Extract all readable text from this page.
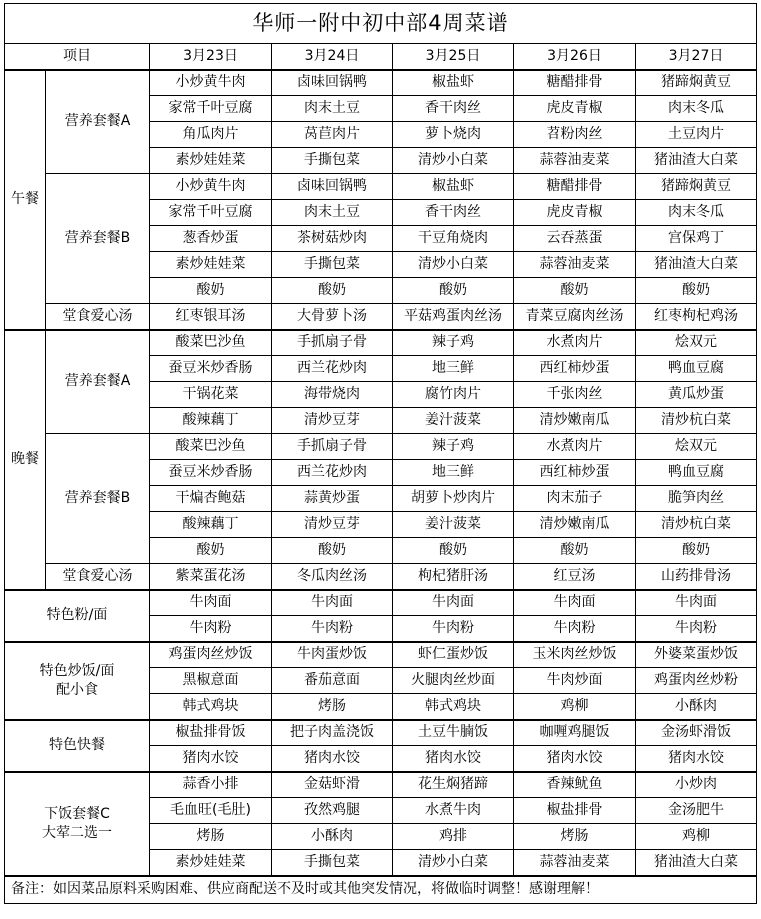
华师一附中初中部4周菜谱						
项目		3月23日	3月24日	3月25日	3月26日	3月27日
午餐	营养套餐A	小炒黄牛肉	卤味回锅鸭	椒盐虾	糖醋排骨	猪蹄焖黄豆
		家常千叶豆腐	肉末土豆	香干肉丝	虎皮青椒	肉末冬瓜
		角瓜肉片	莴苣肉片	萝卜烧肉	苕粉肉丝	土豆肉片
		素炒娃娃菜	手撕包菜	清炒小白菜	蒜蓉油麦菜	猪油渣大白菜
	营养套餐B	小炒黄牛肉	卤味回锅鸭	椒盐虾	糖醋排骨	猪蹄焖黄豆
		家常千叶豆腐	肉末土豆	香干肉丝	虎皮青椒	肉末冬瓜
		葱香炒蛋	茶树菇炒肉	干豆角烧肉	云吞蒸蛋	宫保鸡丁
		素炒娃娃菜	手撕包菜	清炒小白菜	蒜蓉油麦菜	猪油渣大白菜
		酸奶	酸奶	酸奶	酸奶	酸奶
	堂食爱心汤	红枣银耳汤	大骨萝卜汤	平菇鸡蛋肉丝汤	青菜豆腐肉丝汤	红枣枸杞鸡汤
晚餐	营养套餐A	酸菜巴沙鱼	手抓扇子骨	辣子鸡	水煮肉片	烩双元
		蚕豆米炒香肠	西兰花炒肉	地三鲜	西红柿炒蛋	鸭血豆腐
		干锅花菜	海带烧肉	腐竹肉片	千张肉丝	黄瓜炒蛋
		酸辣藕丁	清炒豆芽	姜汁菠菜	清炒嫩南瓜	清炒杭白菜
	营养套餐B	酸菜巴沙鱼	手抓扇子骨	辣子鸡	水煮肉片	烩双元
		蚕豆米炒香肠	西兰花炒肉	地三鲜	西红柿炒蛋	鸭血豆腐
		干煸杏鲍菇	蒜黄炒蛋	胡萝卜炒肉片	肉末茄子	脆笋肉丝
		酸辣藕丁	清炒豆芽	姜汁菠菜	清炒嫩南瓜	清炒杭白菜
		酸奶	酸奶	酸奶	酸奶	酸奶
	堂食爱心汤	紫菜蛋花汤	冬瓜肉丝汤	枸杞猪肝汤	红豆汤	山药排骨汤
特色粉/面		牛肉面	牛肉面	牛肉面	牛肉面	牛肉面
		牛肉粉	牛肉粉	牛肉粉	牛肉粉	牛肉粉
特色炒饭/面
配小食		鸡蛋肉丝炒饭	牛肉蛋炒饭	虾仁蛋炒饭	玉米肉丝炒饭	外婆菜蛋炒饭
		黑椒意面	番茄意面	火腿肉丝炒面	牛肉炒面	鸡蛋肉丝炒粉
		韩式鸡块	烤肠	韩式鸡块	鸡柳	小酥肉
特色快餐		椒盐排骨饭	把子肉盖浇饭	土豆牛腩饭	咖喱鸡腿饭	金汤虾滑饭
		猪肉水饺	猪肉水饺	猪肉水饺	猪肉水饺	猪肉水饺
下饭套餐C
大荤二选一		蒜香小排	金菇虾滑	花生焖猪蹄	香辣鱿鱼	小炒肉
		毛血旺(毛肚)	孜然鸡腿	水煮牛肉	椒盐排骨	金汤肥牛
		烤肠	小酥肉	鸡排	烤肠	鸡柳
		素炒娃娃菜	手撕包菜	清炒小白菜	蒜蓉油麦菜	猪油渣大白菜
备注：如因菜品原料采购困难、供应商配送不及时或其他突发情况，将做临时调整！感谢理解！						
